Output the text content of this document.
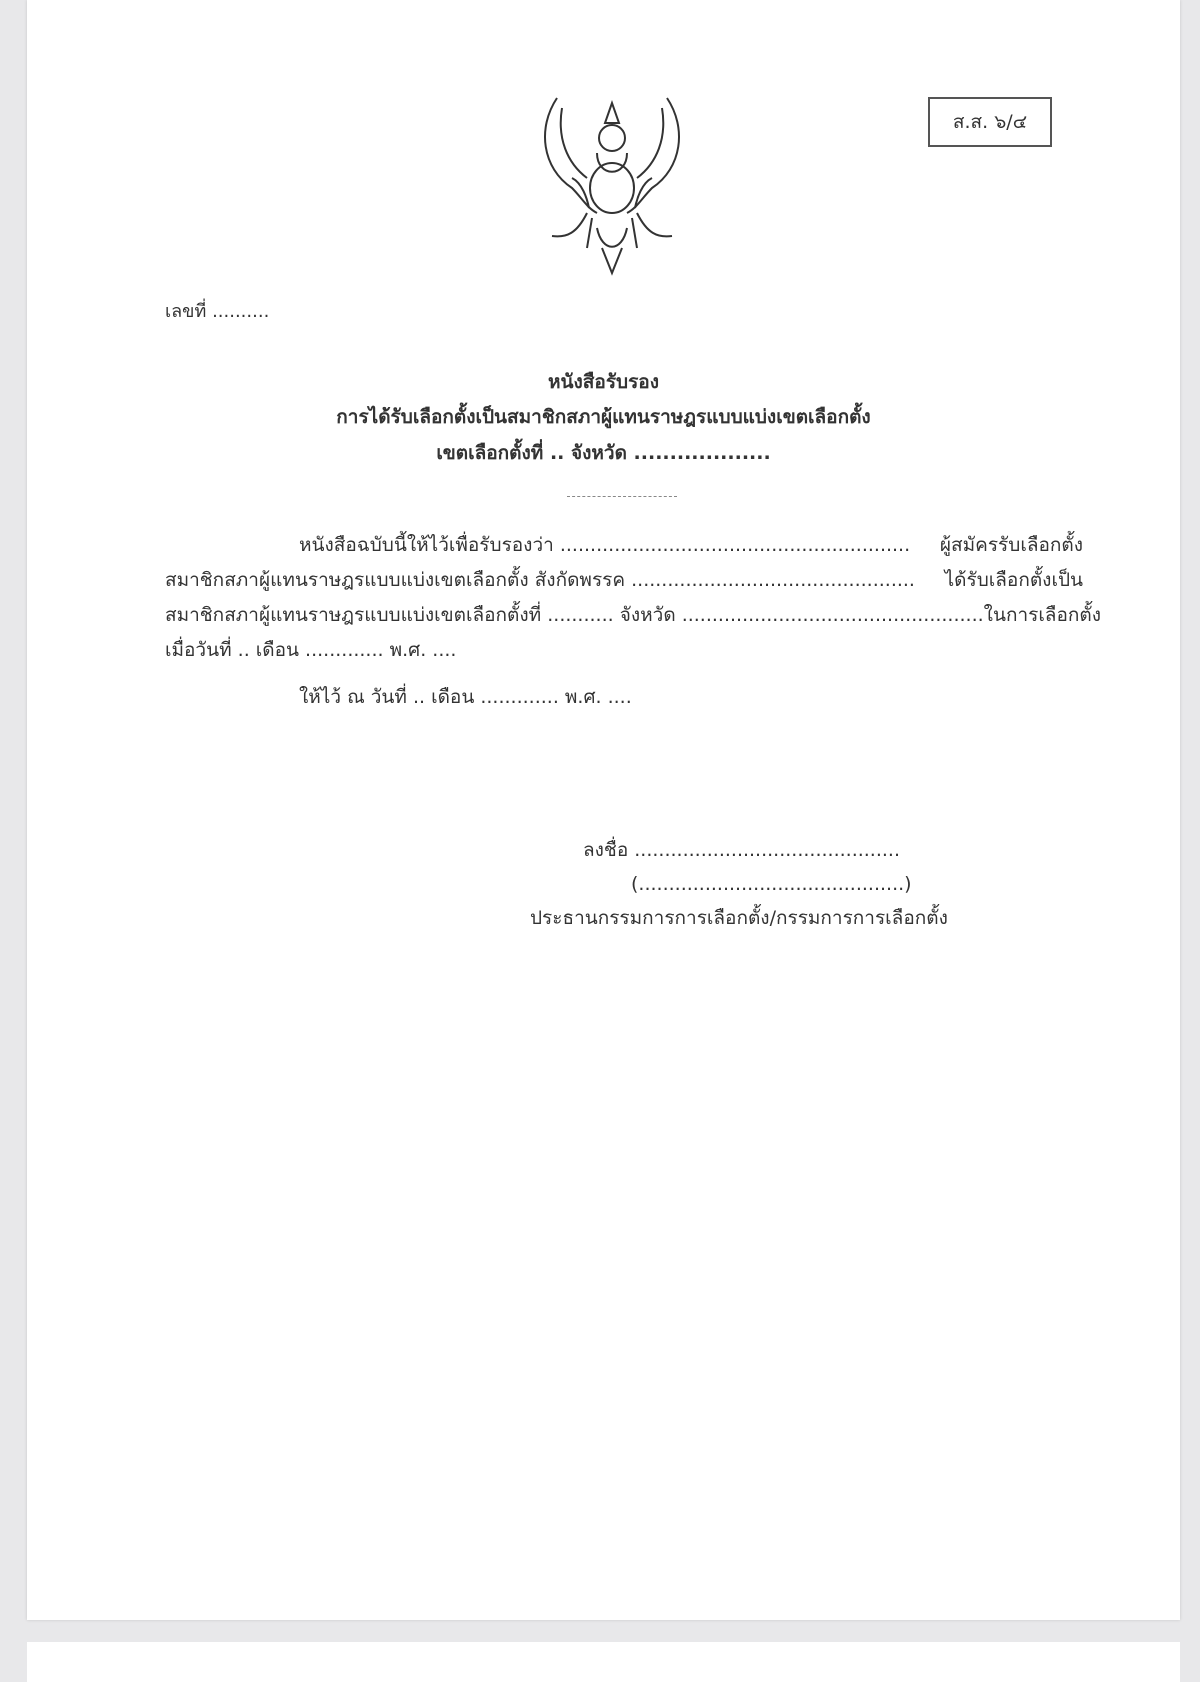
ส.ส. ๖/๔
เลขที่ ..........
หนังสือรับรอง
การได้รับเลือกตั้งเป็นสมาชิกสภาผู้แทนราษฎรแบบแบ่งเขตเลือกตั้ง
เขตเลือกตั้งที่ .. จังหวัด ...................
หนังสือฉบับนี้ให้ไว้เพื่อรับรองว่า .......................................................... ผู้สมัครรับเลือกตั้ง
สมาชิกสภาผู้แทนราษฎรแบบแบ่งเขตเลือกตั้ง สังกัดพรรค ............................................... ได้รับเลือกตั้งเป็น
สมาชิกสภาผู้แทนราษฎรแบบแบ่งเขตเลือกตั้งที่ ........... จังหวัด .................................................. ในการเลือกตั้ง
เมื่อวันที่ .. เดือน ............. พ.ศ. ....
ให้ไว้ ณ วันที่ .. เดือน ............. พ.ศ. ....
ลงชื่อ ............................................
(............................................)
ประธานกรรมการการเลือกตั้ง/กรรมการการเลือกตั้ง
